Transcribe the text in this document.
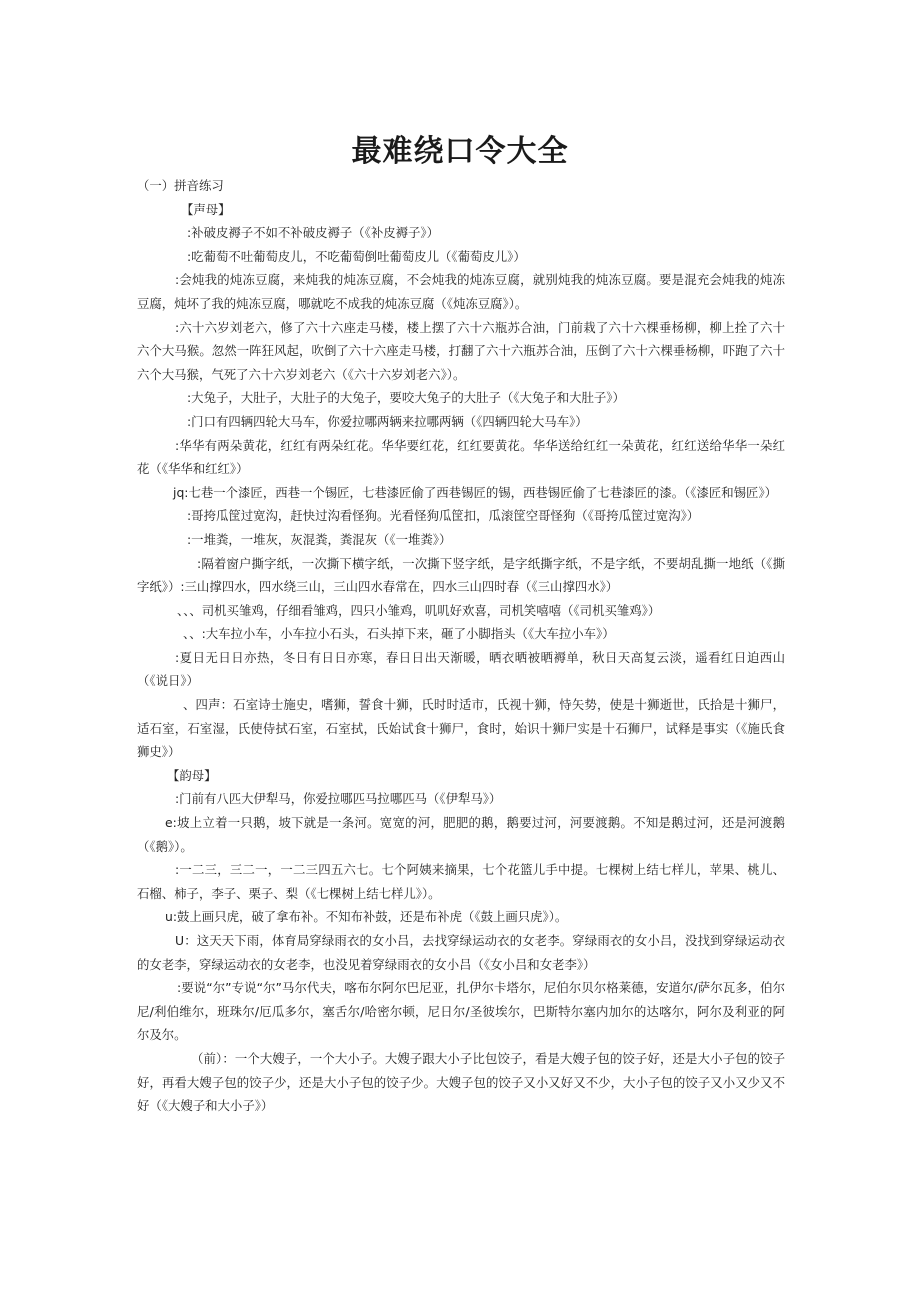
最难绕口令大全

（一）拼音练习

【声母】

:补破皮褥子不如不补破皮褥子（《补皮褥子》）

:吃葡萄不吐葡萄皮儿，不吃葡萄倒吐葡萄皮儿（《葡萄皮儿》）

:会炖我的炖冻豆腐，来炖我的炖冻豆腐，不会炖我的炖冻豆腐，就别炖我的炖冻豆腐。要是混充会炖我的炖冻豆腐，炖坏了我的炖冻豆腐，哪就吃不成我的炖冻豆腐（《炖冻豆腐》）。

:六十六岁刘老六，修了六十六座走马楼，楼上摆了六十六瓶苏合油，门前栽了六十六棵垂杨柳，柳上拴了六十六个大马猴。忽然一阵狂风起，吹倒了六十六座走马楼，打翻了六十六瓶苏合油，压倒了六十六棵垂杨柳，吓跑了六十六个大马猴，气死了六十六岁刘老六（《六十六岁刘老六》）。

:大兔子，大肚子，大肚子的大兔子，要咬大兔子的大肚子（《大兔子和大肚子》）

:门口有四辆四轮大马车，你爱拉哪两辆来拉哪两辆（《四辆四轮大马车》）

:华华有两朵黄花，红红有两朵红花。华华要红花，红红要黄花。华华送给红红一朵黄花，红红送给华华一朵红花（《华华和红红》）

jq:七巷一个漆匠，西巷一个锡匠，七巷漆匠偷了西巷锡匠的锡，西巷锡匠偷了七巷漆匠的漆。（《漆匠和锡匠》）

:哥挎瓜筐过宽沟，赶快过沟看怪狗。光看怪狗瓜筐扣，瓜滚筐空哥怪狗（《哥挎瓜筐过宽沟》）

:一堆粪，一堆灰，灰混粪，粪混灰（《一堆粪》）

:隔着窗户撕字纸，一次撕下横字纸，一次撕下竖字纸，是字纸撕字纸，不是字纸，不要胡乱撕一地纸（《撕字纸》）:三山撑四水，四水绕三山，三山四水春常在，四水三山四时春（《三山撑四水》）

、、、司机买雏鸡，仔细看雏鸡，四只小雏鸡，叽叽好欢喜，司机笑嘻嘻（《司机买雏鸡》）

、、:大车拉小车，小车拉小石头，石头掉下来，砸了小脚指头（《大车拉小车》）

:夏日无日日亦热，冬日有日日亦寒，春日日出天渐暖，晒衣晒被晒褥单，秋日天高复云淡，遥看红日迫西山（《说日》）

、四声：石室诗士施史，嗜狮，誓食十狮，氏时时适市，氏视十狮，恃矢势，使是十狮逝世，氏拾是十狮尸，适石室，石室湿，氏使侍拭石室，石室拭，氏始试食十狮尸，食时，始识十狮尸实是十石狮尸，试释是事实（《施氏食狮史》）

【韵母】

:门前有八匹大伊犁马，你爱拉哪匹马拉哪匹马（《伊犁马》）

e:坡上立着一只鹅，坡下就是一条河。宽宽的河，肥肥的鹅，鹅要过河，河要渡鹅。不知是鹅过河，还是河渡鹅（《鹅》）。

:一二三，三二一，一二三四五六七。七个阿姨来摘果，七个花篮儿手中提。七棵树上结七样儿，苹果、桃儿、石榴、柿子，李子、栗子、梨（《七棵树上结七样儿》）。

u:鼓上画只虎，破了拿布补。不知布补鼓，还是布补虎（《鼓上画只虎》）。

U：这天天下雨，体育局穿绿雨衣的女小吕，去找穿绿运动衣的女老李。穿绿雨衣的女小吕，没找到穿绿运动衣的女老李，穿绿运动衣的女老李，也没见着穿绿雨衣的女小吕（《女小吕和女老李》）

:要说“尔”专说“尔”马尔代夫，喀布尔阿尔巴尼亚，扎伊尔卡塔尔，尼伯尔贝尔格莱德，安道尔/萨尔瓦多，伯尔尼/利伯维尔，班珠尔/厄瓜多尔，塞舌尔/哈密尔顿，尼日尔/圣彼埃尔，巴斯特尔塞内加尔的达喀尔，阿尔及利亚的阿尔及尔。

（前）：一个大嫂子，一个大小子。大嫂子跟大小子比包饺子，看是大嫂子包的饺子好，还是大小子包的饺子好，再看大嫂子包的饺子少，还是大小子包的饺子少。大嫂子包的饺子又小又好又不少，大小子包的饺子又小又少又不好（《大嫂子和大小子》）
